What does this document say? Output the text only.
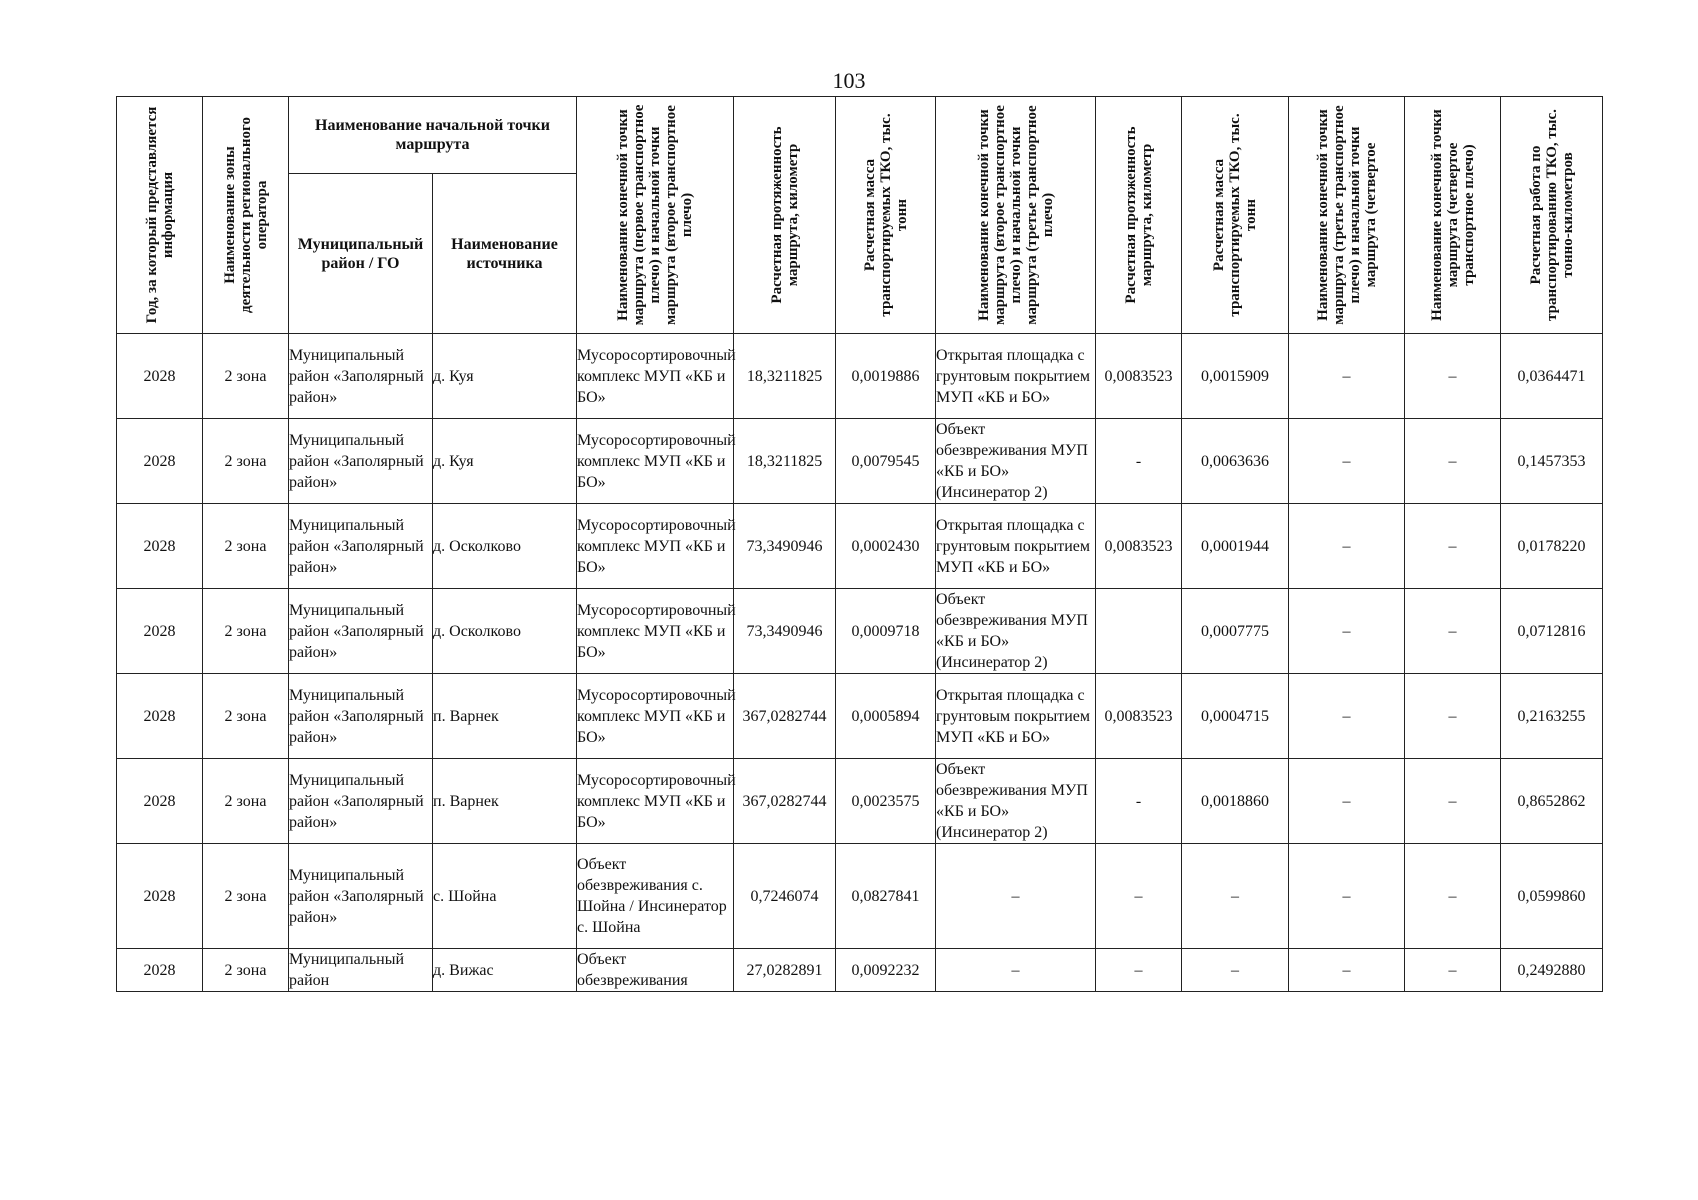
103
Год, за который представляется информация	Наименование зоны деятельности регионального оператора	Наименование начальной точки маршрута		Наименование конечной точки маршрута (первое транспортное плечо) и начальной точки маршрута (второе транспортное плечо)	Расчетная протяженность маршрута, километр	Расчетная масса транспортируемых ТКО, тыс. тонн	Наименование конечной точки маршрута (второе транспортное плечо) и начальной точки маршрута (третье транспортное плечо)	Расчетная протяженность маршрута, километр	Расчетная масса транспортируемых ТКО, тыс. тонн	Наименование конечной точки маршрута (третье транспортное плечо) и начальной точки маршрута (четвертое	Наименование конечной точки маршрута (четвертое транспортное плечо)	Расчетная работа по транспортированию ТКО, тыс. тонно-километров

		Муниципальный район / ГО	Наименование источника									
2028	2 зона	Муниципальный район «Заполярный район»	д. Куя	Мусоросортировочный комплекс МУП «КБ и БО»	18,3211825	0,0019886	Открытая площадка с грунтовым покрытием МУП «КБ и БО»	0,0083523	0,0015909	–	–	0,0364471
2028	2 зона	Муниципальный район «Заполярный район»	д. Куя	Мусоросортировочный комплекс МУП «КБ и БО»	18,3211825	0,0079545	Объект обезвреживания МУП «КБ и БО» (Инсинератор 2)	-	0,0063636	–	–	0,1457353
2028	2 зона	Муниципальный район «Заполярный район»	д. Осколково	Мусоросортировочный комплекс МУП «КБ и БО»	73,3490946	0,0002430	Открытая площадка с грунтовым покрытием МУП «КБ и БО»	0,0083523	0,0001944	–	–	0,0178220
2028	2 зона	Муниципальный район «Заполярный район»	д. Осколково	Мусоросортировочный комплекс МУП «КБ и БО»	73,3490946	0,0009718	Объект обезвреживания МУП «КБ и БО» (Инсинератор 2)		0,0007775	–	–	0,0712816
2028	2 зона	Муниципальный район «Заполярный район»	п. Варнек	Мусоросортировочный комплекс МУП «КБ и БО»	367,0282744	0,0005894	Открытая площадка с грунтовым покрытием МУП «КБ и БО»	0,0083523	0,0004715	–	–	0,2163255
2028	2 зона	Муниципальный район «Заполярный район»	п. Варнек	Мусоросортировочный комплекс МУП «КБ и БО»	367,0282744	0,0023575	Объект обезвреживания МУП «КБ и БО» (Инсинератор 2)	-	0,0018860	–	–	0,8652862
2028	2 зона	Муниципальный район «Заполярный район»	с. Шойна	Объект обезвреживания с. Шойна / Инсинератор с. Шойна	0,7246074	0,0827841	–	–	–	–	–	0,0599860
2028	2 зона	Муниципальный район	д. Вижас	Объект обезвреживания	27,0282891	0,0092232	–	–	–	–	–	0,2492880
